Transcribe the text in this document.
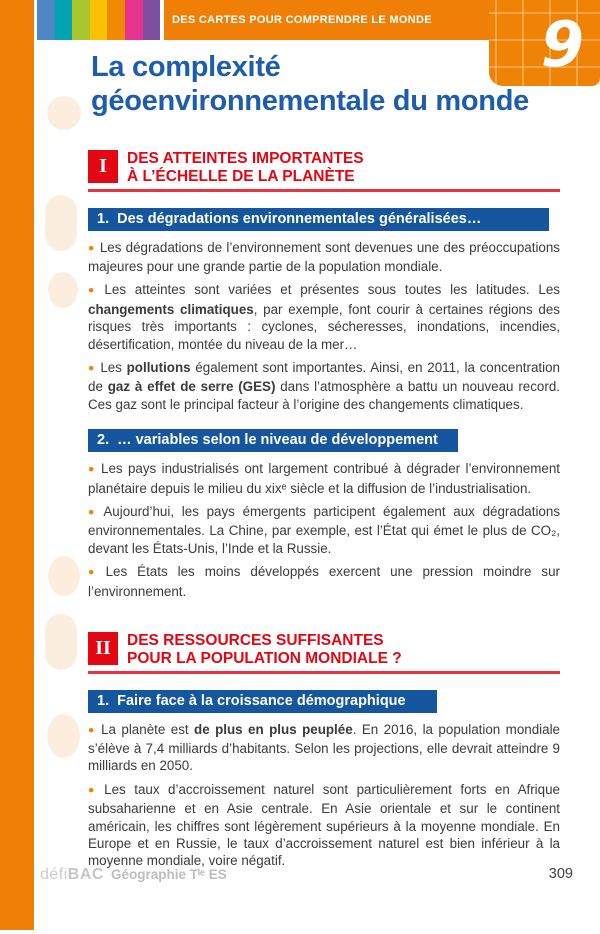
DES CARTES POUR COMPRENDRE LE MONDE 9
La complexité
géoenvironnementale du monde
I	DES ATTEINTES IMPORTANTES
À L’ÉCHELLE DE LA PLANÈTE
1. Des dégradations environnementales généralisées…

● Les dégradations de l’environnement sont devenues une des préoccupations majeures pour une grande partie de la population mondiale.

● Les atteintes sont variées et présentes sous toutes les latitudes. Les changements climatiques, par exemple, font courir à certaines régions des risques très importants : cyclones, sécheresses, inondations, incendies, désertification, montée du niveau de la mer…

● Les pollutions également sont importantes. Ainsi, en 2011, la concentration de gaz à effet de serre (GES) dans l’atmosphère a battu un nouveau record. Ces gaz sont le principal facteur à l’origine des changements climatiques.

2. … variables selon le niveau de développement

● Les pays industrialisés ont largement contribué à dégrader l’environnement planétaire depuis le milieu du xixᵉ siècle et la diffusion de l’industrialisation.

● Aujourd’hui, les pays émergents participent également aux dégradations environnementales. La Chine, par exemple, est l’État qui émet le plus de CO₂, devant les États-Unis, l’Inde et la Russie.

● Les États les moins développés exercent une pression moindre sur l’environnement.

II	DES RESSOURCES SUFFISANTES
POUR LA POPULATION MONDIALE ?
1. Faire face à la croissance démographique

● La planète est de plus en plus peuplée. En 2016, la population mondiale s’élève à 7,4 milliards d’habitants. Selon les projections, elle devrait atteindre 9 milliards en 2050.

● Les taux d’accroissement naturel sont particulièrement forts en Afrique subsaharienne et en Asie centrale. En Asie orientale et sur le continent américain, les chiffres sont légèrement supérieurs à la moyenne mondiale. En Europe et en Russie, le taux d’accroissement naturel est bien inférieur à la moyenne mondiale, voire négatif.

défiBAC Géographie Tˡᵉ ES	309
